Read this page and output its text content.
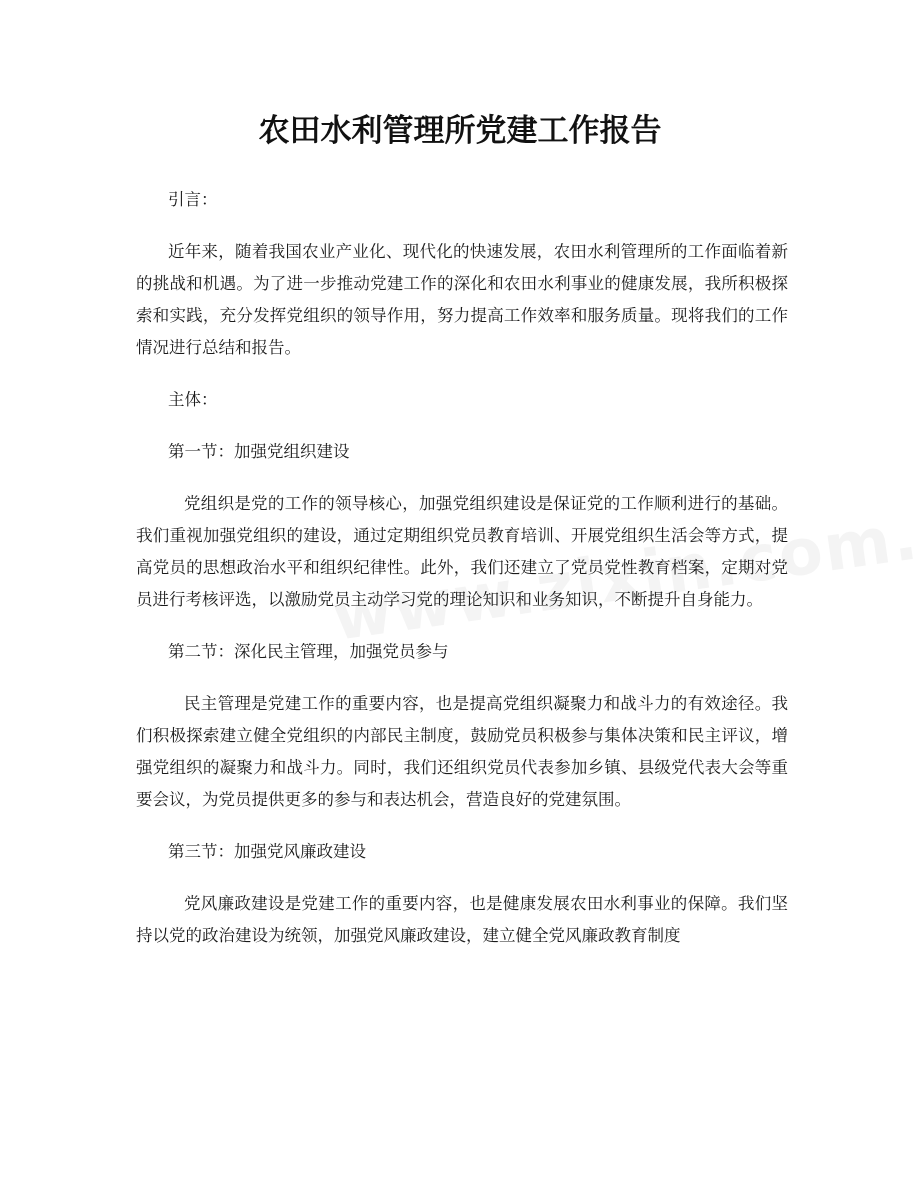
农田水利管理所党建工作报告

引言：

近年来，随着我国农业产业化、现代化的快速发展，农田水利管理所的工作面临着新的挑战和机遇。为了进一步推动党建工作的深化和农田水利事业的健康发展，我所积极探索和实践，充分发挥党组织的领导作用，努力提高工作效率和服务质量。现将我们的工作情况进行总结和报告。

主体：

第一节：加强党组织建设

党组织是党的工作的领导核心，加强党组织建设是保证党的工作顺利进行的基础。我们重视加强党组织的建设，通过定期组织党员教育培训、开展党组织生活会等方式，提高党员的思想政治水平和组织纪律性。此外，我们还建立了党员党性教育档案，定期对党员进行考核评选，以激励党员主动学习党的理论知识和业务知识，不断提升自身能力。

第二节：深化民主管理，加强党员参与

民主管理是党建工作的重要内容，也是提高党组织凝聚力和战斗力的有效途径。我们积极探索建立健全党组织的内部民主制度，鼓励党员积极参与集体决策和民主评议，增强党组织的凝聚力和战斗力。同时，我们还组织党员代表参加乡镇、县级党代表大会等重要会议，为党员提供更多的参与和表达机会，营造良好的党建氛围。

第三节：加强党风廉政建设

党风廉政建设是党建工作的重要内容，也是健康发展农田水利事业的保障。我们坚持以党的政治建设为统领，加强党风廉政建设，建立健全党风廉政教育制度
